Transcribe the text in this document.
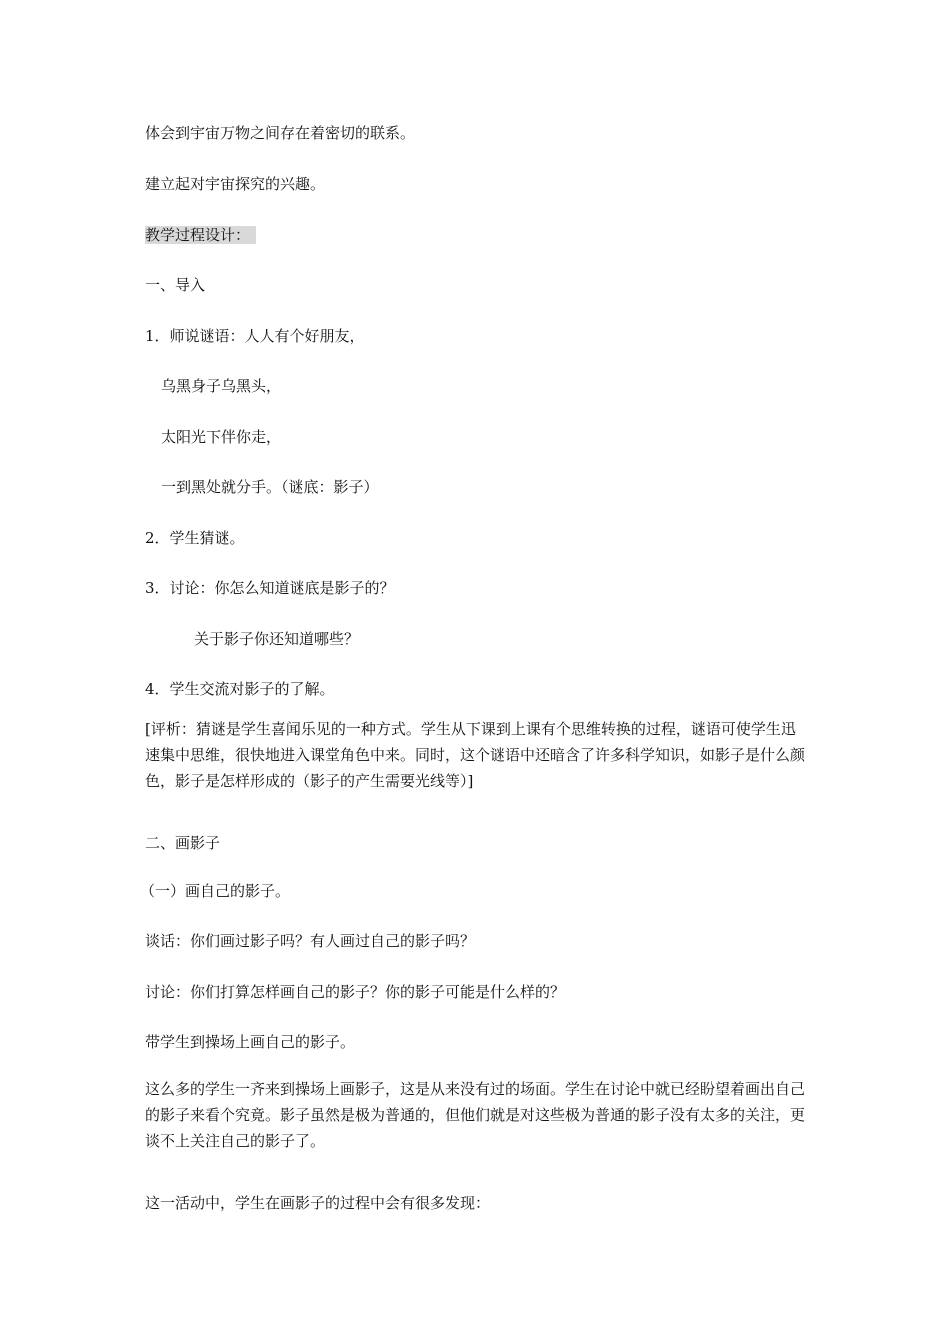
体会到宇宙万物之间存在着密切的联系。

建立起对宇宙探究的兴趣。

教学过程设计：

一、导入

1．师说谜语：人人有个好朋友，

乌黑身子乌黑头，

太阳光下伴你走，

一到黑处就分手。（谜底：影子）

2．学生猜谜。

3．讨论：你怎么知道谜底是影子的？

关于影子你还知道哪些？

4．学生交流对影子的了解。

[评析：猜谜是学生喜闻乐见的一种方式。学生从下课到上课有个思维转换的过程，谜语可使学生迅速集中思维，很快地进入课堂角色中来。同时，这个谜语中还暗含了许多科学知识，如影子是什么颜色，影子是怎样形成的（影子的产生需要光线等）]

二、画影子

（一）画自己的影子。

谈话：你们画过影子吗？有人画过自己的影子吗？

讨论：你们打算怎样画自己的影子？你的影子可能是什么样的？

带学生到操场上画自己的影子。

这么多的学生一齐来到操场上画影子，这是从来没有过的场面。学生在讨论中就已经盼望着画出自己的影子来看个究竟。影子虽然是极为普通的，但他们就是对这些极为普通的影子没有太多的关注，更谈不上关注自己的影子了。

这一活动中，学生在画影子的过程中会有很多发现：
